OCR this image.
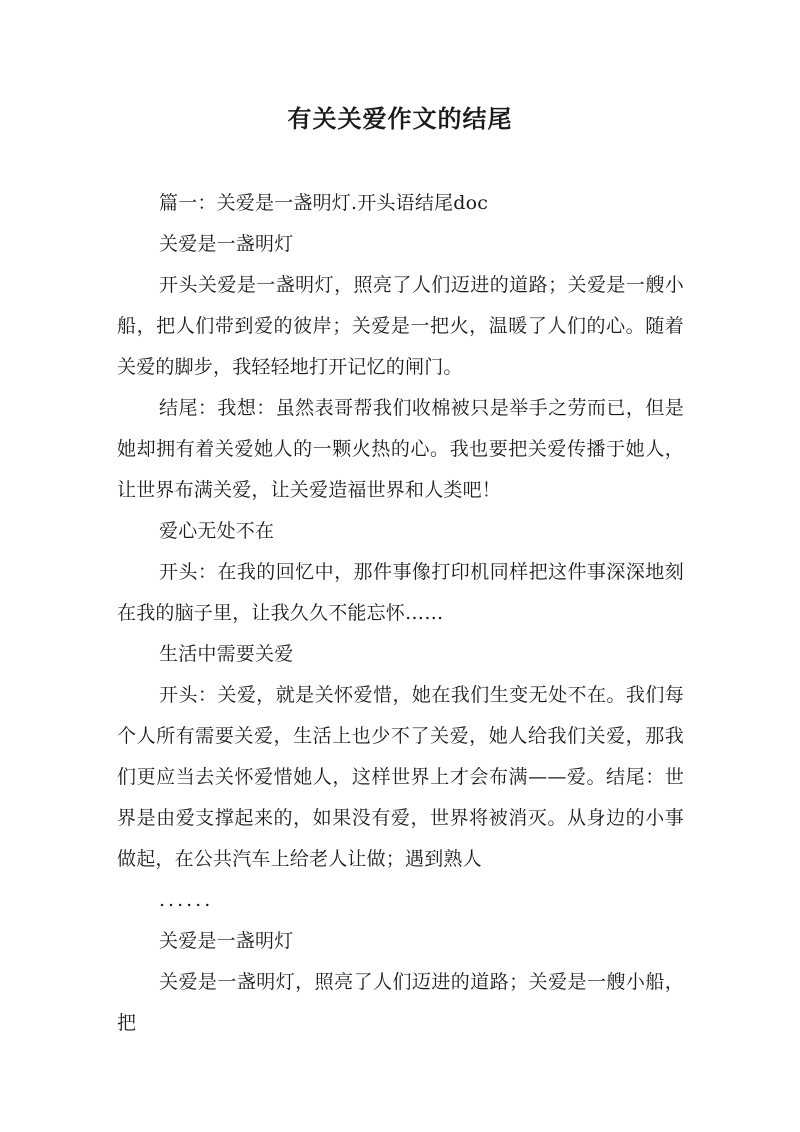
有关关爱作文的结尾

篇一：关爱是一盏明灯.开头语结尾doc

关爱是一盏明灯

开头关爱是一盏明灯，照亮了人们迈进的道路；关爱是一艘小船，把人们带到爱的彼岸；关爱是一把火，温暖了人们的心。随着关爱的脚步，我轻轻地打开记忆的闸门。

结尾：我想：虽然表哥帮我们收棉被只是举手之劳而已，但是她却拥有着关爱她人的一颗火热的心。我也要把关爱传播于她人，让世界布满关爱，让关爱造福世界和人类吧！

爱心无处不在

开头：在我的回忆中，那件事像打印机同样把这件事深深地刻在我的脑子里，让我久久不能忘怀……

生活中需要关爱

开头：关爱，就是关怀爱惜，她在我们生变无处不在。我们每个人所有需要关爱，生活上也少不了关爱，她人给我们关爱，那我们更应当去关怀爱惜她人，这样世界上才会布满——爱。结尾：世界是由爱支撑起来的，如果没有爱，世界将被消灭。从身边的小事做起，在公共汽车上给老人让做；遇到熟人

......

关爱是一盏明灯

关爱是一盏明灯，照亮了人们迈进的道路；关爱是一艘小船，把
